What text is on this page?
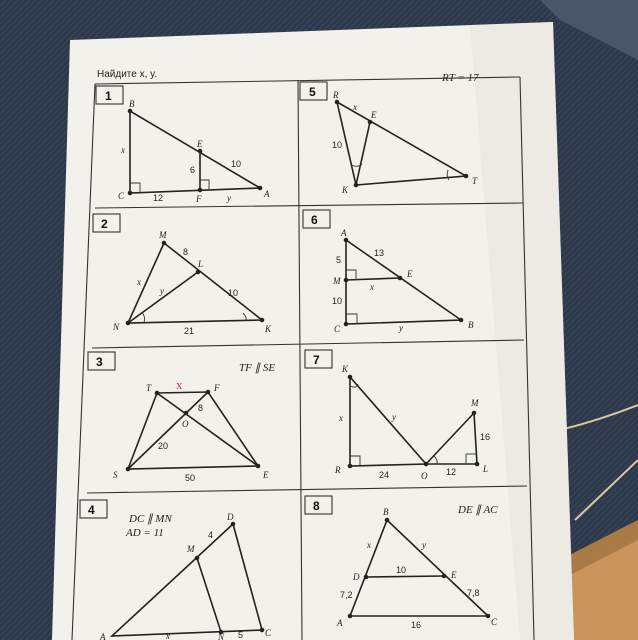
Найдите x, y.
1	5
2	6
3	7
4	8
B
E
C	F	A
x
6
10
12	y
RT = 17
R
E
K
T
x
10
M
L
N	K
8
x
y	10
21
A
M
E
C	B
5
13
x
10
y
TF ∥ SE
T	F
O
S	E
x
8
20
50
K
M
R
O
L
x	y
16
24	12
DC ∥ MN
AD = 11
D
M
A	N	C
4
x	5
DE ∥ AC
B
D	E
A	C
x	y
10
7,2	7,8
16
